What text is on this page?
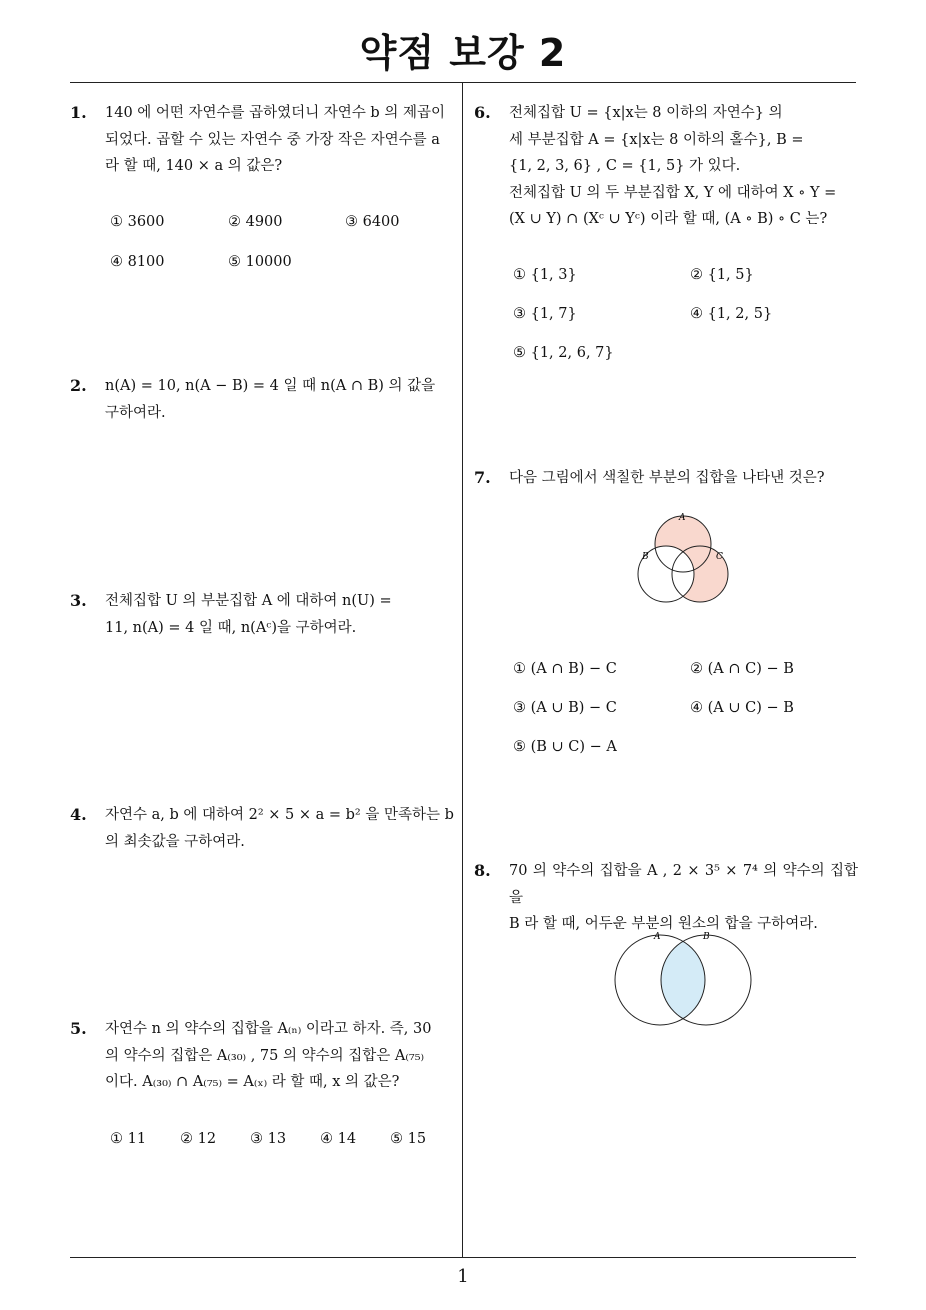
약점 보강 2
1
1. 140 에 어떤 자연수를 곱하였더니 자연수 b 의 제곱이
되었다. 곱할 수 있는 자연수 중 가장 작은 자연수를 a
라 할 때, 140 × a 의 값은?
① 3600	② 4900	③ 6400
④ 8100	⑤ 10000
2. n(A) = 10, n(A − B) = 4 일 때 n(A ∩ B) 의 값을
구하여라.
3. 전체집합 U 의 부분집합 A 에 대하여 n(U) =
11, n(A) = 4 일 때, n(Aᶜ)을 구하여라.
4. 자연수 a, b 에 대하여 2² × 5 × a = b² 을 만족하는 b
의 최솟값을 구하여라.
5. 자연수 n 의 약수의 집합을 A₍ₙ₎ 이라고 하자. 즉, 30
의 약수의 집합은 A₍₃₀₎ , 75 의 약수의 집합은 A₍₇₅₎
이다. A₍₃₀₎ ∩ A₍₇₅₎ = A₍ₓ₎ 라 할 때, x 의 값은?
① 11 ② 12 ③ 13 ④ 14 ⑤ 15
6. 전체집합 U = {x|x는 8 이하의 자연수} 의
세 부분집합 A = {x|x는 8 이하의 홀수}, B =
{1, 2, 3, 6} , C = {1, 5} 가 있다.
전체집합 U 의 두 부분집합 X, Y 에 대하여 X ∘ Y =
(X ∪ Y) ∩ (Xᶜ ∪ Yᶜ) 이라 할 때, (A ∘ B) ∘ C 는?
① {1, 3}	② {1, 5}
③ {1, 7}	④ {1, 2, 5}
⑤ {1, 2, 6, 7}
7. 다음 그림에서 색칠한 부분의 집합을 나타낸 것은?
A
B	C
① (A ∩ B) − C	② (A ∩ C) − B
③ (A ∪ B) − C	④ (A ∪ C) − B
⑤ (B ∪ C) − A
8. 70 의 약수의 집합을 A , 2 × 3⁵ × 7⁴ 의 약수의 집합을
B 라 할 때, 어두운 부분의 원소의 합을 구하여라.
A	B
